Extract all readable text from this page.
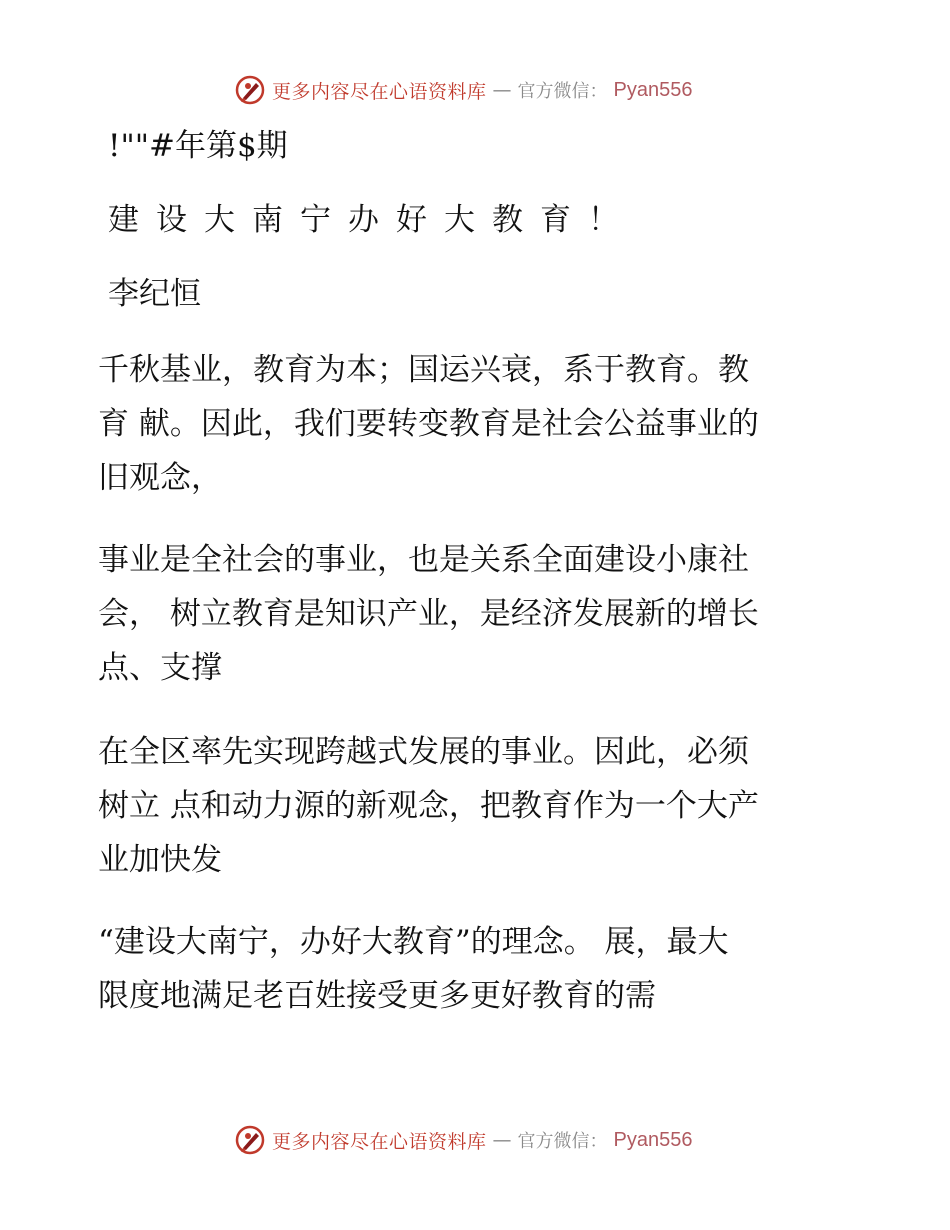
更多内容尽在心语资料库 — 官方微信： Pyan556
!""#年第$期
建设大南宁办好大教育！
李纪恒
千秋基业，教育为本；国运兴衰，系于教育。教
育 献。因此，我们要转变教育是社会公益事业的
旧观念，
事业是全社会的事业，也是关系全面建设小康社
会， 树立教育是知识产业，是经济发展新的增长
点、支撑
在全区率先实现跨越式发展的事业。因此，必须
树立 点和动力源的新观念，把教育作为一个大产
业加快发
“建设大南宁，办好大教育”的理念。 展，最大
限度地满足老百姓接受更多更好教育的需
更多内容尽在心语资料库 — 官方微信： Pyan556
